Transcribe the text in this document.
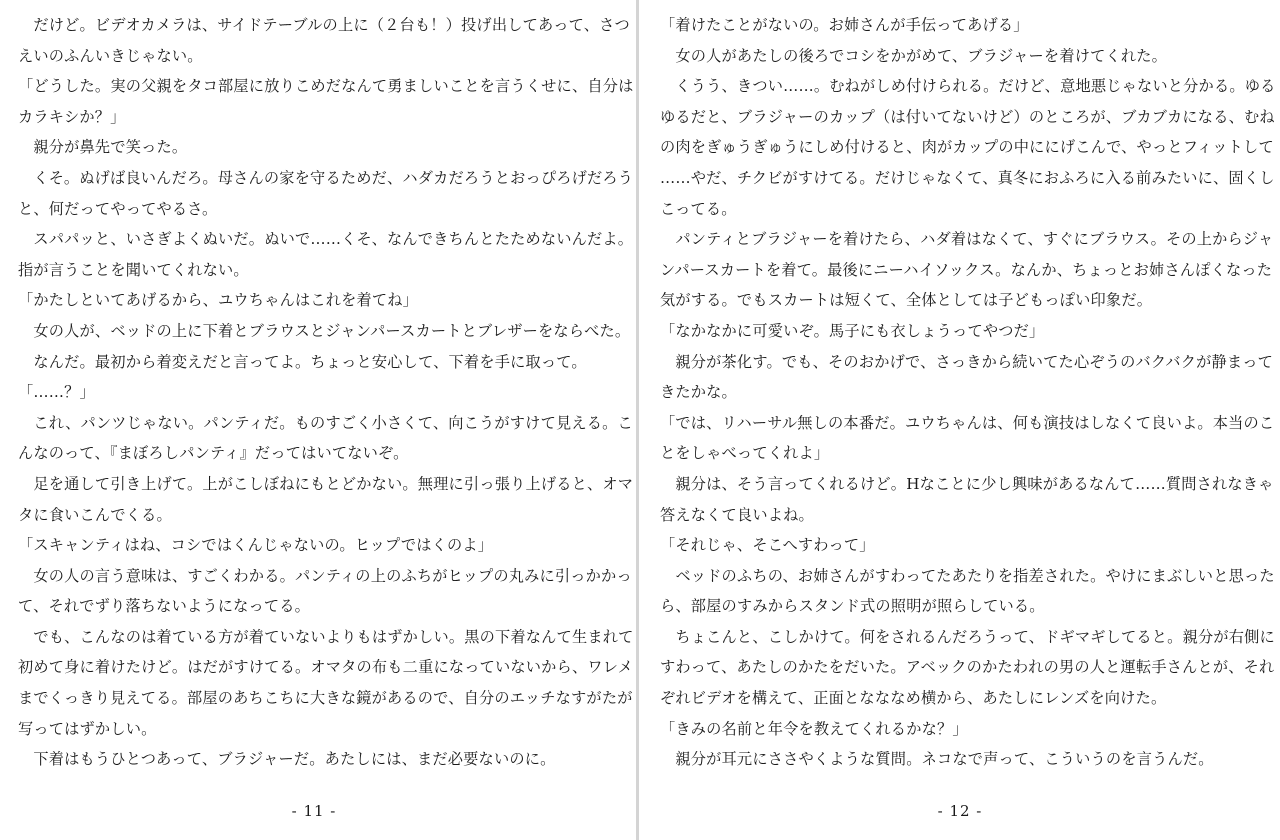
　だけど。ビデオカメラは、サイドテーブルの上に（２台も！）投げ出してあって、さつ
えいのふんいきじゃない。
「どうした。実の父親をタコ部屋に放りこめだなんて勇ましいことを言うくせに、自分は
カラキシか？」
　親分が鼻先で笑った。
　くそ。ぬげば良いんだろ。母さんの家を守るためだ、ハダカだろうとおっぴろげだろう
と、何だってやってやるさ。
　スパパッと、いさぎよくぬいだ。ぬいで……くそ、なんできちんとたためないんだよ。
指が言うことを聞いてくれない。
「かたしといてあげるから、ユウちゃんはこれを着てね」
　女の人が、ベッドの上に下着とブラウスとジャンパースカートとブレザーをならべた。
　なんだ。最初から着変えだと言ってよ。ちょっと安心して、下着を手に取って。
「……？」
　これ、パンツじゃない。パンティだ。ものすごく小さくて、向こうがすけて見える。こ
んなのって、『まぼろしパンティ』だってはいてないぞ。
　足を通して引き上げて。上がこしぼねにもとどかない。無理に引っ張り上げると、オマ
タに食いこんでくる。
「スキャンティはね、コシではくんじゃないの。ヒップではくのよ」
　女の人の言う意味は、すごくわかる。パンティの上のふちがヒップの丸みに引っかかっ
て、それでずり落ちないようになってる。
　でも、こんなのは着ている方が着ていないよりもはずかしい。黒の下着なんて生まれて
初めて身に着けたけど。はだがすけてる。オマタの布も二重になっていないから、ワレメ
までくっきり見えてる。部屋のあちこちに大きな鏡があるので、自分のエッチなすがたが
写ってはずかしい。
　下着はもうひとつあって、ブラジャーだ。あたしには、まだ必要ないのに。
- 11 -
「着けたことがないの。お姉さんが手伝ってあげる」
　女の人があたしの後ろでコシをかがめて、ブラジャーを着けてくれた。
　くうう、きつい……。むねがしめ付けられる。だけど、意地悪じゃないと分かる。ゆる
ゆるだと、ブラジャーのカップ（は付いてないけど）のところが、ブカブカになる、むね
の肉をぎゅうぎゅうにしめ付けると、肉がカップの中ににげこんで、やっとフィットして
……やだ、チクビがすけてる。だけじゃなくて、真冬におふろに入る前みたいに、固くし
こってる。
　パンティとブラジャーを着けたら、ハダ着はなくて、すぐにブラウス。その上からジャ
ンパースカートを着て。最後にニーハイソックス。なんか、ちょっとお姉さんぽくなった
気がする。でもスカートは短くて、全体としては子どもっぽい印象だ。
「なかなかに可愛いぞ。馬子にも衣しょうってやつだ」
　親分が茶化す。でも、そのおかげで、さっきから続いてた心ぞうのバクバクが静まって
きたかな。
「では、リハーサル無しの本番だ。ユウちゃんは、何も演技はしなくて良いよ。本当のこ
とをしゃべってくれよ」
　親分は、そう言ってくれるけど。Hなことに少し興味があるなんて……質問されなきゃ
答えなくて良いよね。
「それじゃ、そこへすわって」
　ベッドのふちの、お姉さんがすわってたあたりを指差された。やけにまぶしいと思った
ら、部屋のすみからスタンド式の照明が照らしている。
　ちょこんと、こしかけて。何をされるんだろうって、ドギマギしてると。親分が右側に
すわって、あたしのかたをだいた。アベックのかたわれの男の人と運転手さんとが、それ
ぞれビデオを構えて、正面となななめ横から、あたしにレンズを向けた。
「きみの名前と年令を教えてくれるかな？」
　親分が耳元にささやくような質問。ネコなで声って、こういうのを言うんだ。
- 12 -
